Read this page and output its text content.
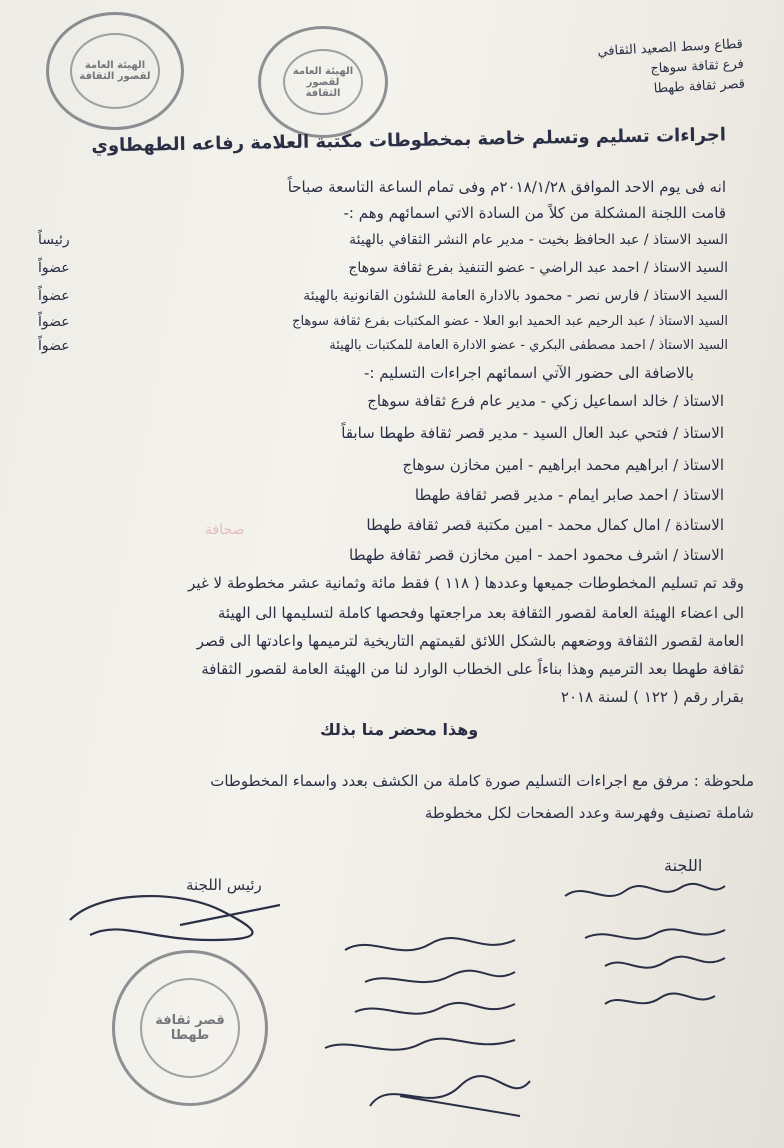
الهيئة العامة لقصور الثقافة	الهيئة العامة لقصور الثقافة
قطاع وسط الصعيد الثقافي
فرع ثقافة سوهاج
قصر ثقافة طهطا
اجراءات تسليم وتسلم خاصة بمخطوطات مكتبة العلامة رفاعه الطهطاوي
انه فى يوم الاحد الموافق ٢٠١٨/١/٢٨م وفى تمام الساعة التاسعة صباحاً
قامت اللجنة المشكلة من كلاً من السادة الاتي اسمائهم وهم :-
السيد الاستاذ / عبد الحافظ بخيت - مدير عام النشر الثقافي بالهيئة
رئيساً
السيد الاستاذ / احمد عبد الراضي - عضو التنفيذ بفرع ثقافة سوهاج
عضواً
السيد الاستاذ / فارس نصر - محمود بالادارة العامة للشئون القانونية بالهيئة
عضواً
السيد الاستاذ / عبد الرحيم عبد الحميد ابو العلا - عضو المكتبات بفرع ثقافة سوهاج
عضواً
السيد الاستاذ / احمد مصطفى البكري - عضو الادارة العامة للمكتبات بالهيئة
عضواً
بالاضافة الى حضور الآتي اسمائهم اجراءات التسليم :-
الاستاذ / خالد اسماعيل زكي - مدير عام فرع ثقافة سوهاج
الاستاذ / فتحي عبد العال السيد - مدير قصر ثقافة طهطا سابقاً
الاستاذ / ابراهيم محمد ابراهيم - امين مخازن سوهاج
الاستاذ / احمد صابر ايمام - مدير قصر ثقافة طهطا
الاستاذة / امال كمال محمد - امين مكتبة قصر ثقافة طهطا
الاستاذ / اشرف محمود احمد - امين مخازن قصر ثقافة طهطا
صحافة
وقد تم تسليم المخطوطات جميعها وعددها ( ١١٨ ) فقط مائة وثمانية عشر مخطوطة لا غير
الى اعضاء الهيئة العامة لقصور الثقافة بعد مراجعتها وفحصها كاملة لتسليمها الى الهيئة
العامة لقصور الثقافة ووضعهم بالشكل اللائق لقيمتهم التاريخية لترميمها واعادتها الى قصر
ثقافة طهطا بعد الترميم وهذا بناءاً على الخطاب الوارد لنا من الهيئة العامة لقصور الثقافة
بقرار رقم ( ١٢٢ ) لسنة ٢٠١٨
وهذا محضر منا بذلك
ملحوظة : مرفق مع اجراءات التسليم صورة كاملة من الكشف بعدد واسماء المخطوطات
شاملة تصنيف وفهرسة وعدد الصفحات لكل مخطوطة
اللجنة
رئيس اللجنة
قصر ثقافة طهطا
